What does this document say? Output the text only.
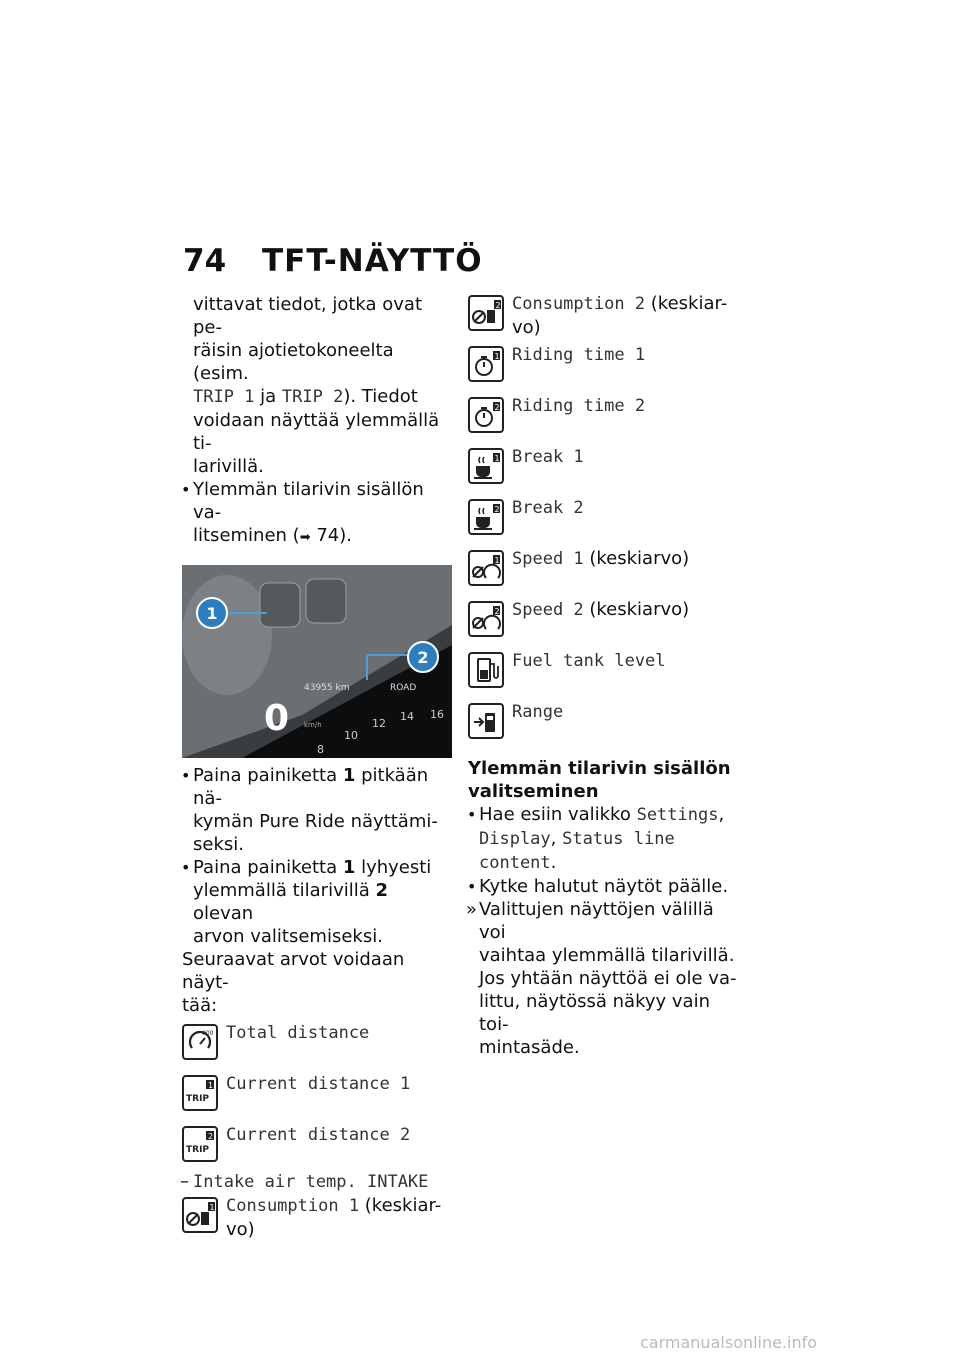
74 TFT-NÄYTTÖ

vittavat tiedot, jotka ovat pe-

räisin ajotietokoneelta (esim.

TRIP 1 ja TRIP 2). Tiedot

voidaan näyttää ylemmällä ti-

larivillä.

• Ylemmän tilarivin sisällön va-
litseminen (➡ 74).
1
2
43955 km	ROAD
0 km/h
8
10
12
14 16
• Paina painiketta 1 pitkään nä-
kymän Pure Ride näyttämi-
seksi.
• Paina painiketta 1 lyhyesti
ylemmällä tilarivillä 2 olevan
arvon valitsemiseksi.

Seuraavat arvot voidaan näyt-

tää:

000 Total distance
TRIP
1 Current distance 1
TRIP
2 Current distance 2
– Intake air temp. INTAKE
1 Consumption 1 (keskiar-
vo)
2 Consumption 2 (keskiar-
vo)
1 Riding time 1
2 Riding time 2
1 Break 1
2 Break 2
1 Speed 1 (keskiarvo)
2 Speed 2 (keskiarvo)
Fuel tank level
Range

Ylemmän tilarivin sisällön

valitseminen

• Hae esiin valikko Settings,
Display, Status line
content.
• Kytke halutut näytöt päälle.
» Valittujen näyttöjen välillä voi
vaihtaa ylemmällä tilarivillä.
Jos yhtään näyttöä ei ole va-
littu, näytössä näkyy vain toi-
mintasäde.
carmanualsonline.info
